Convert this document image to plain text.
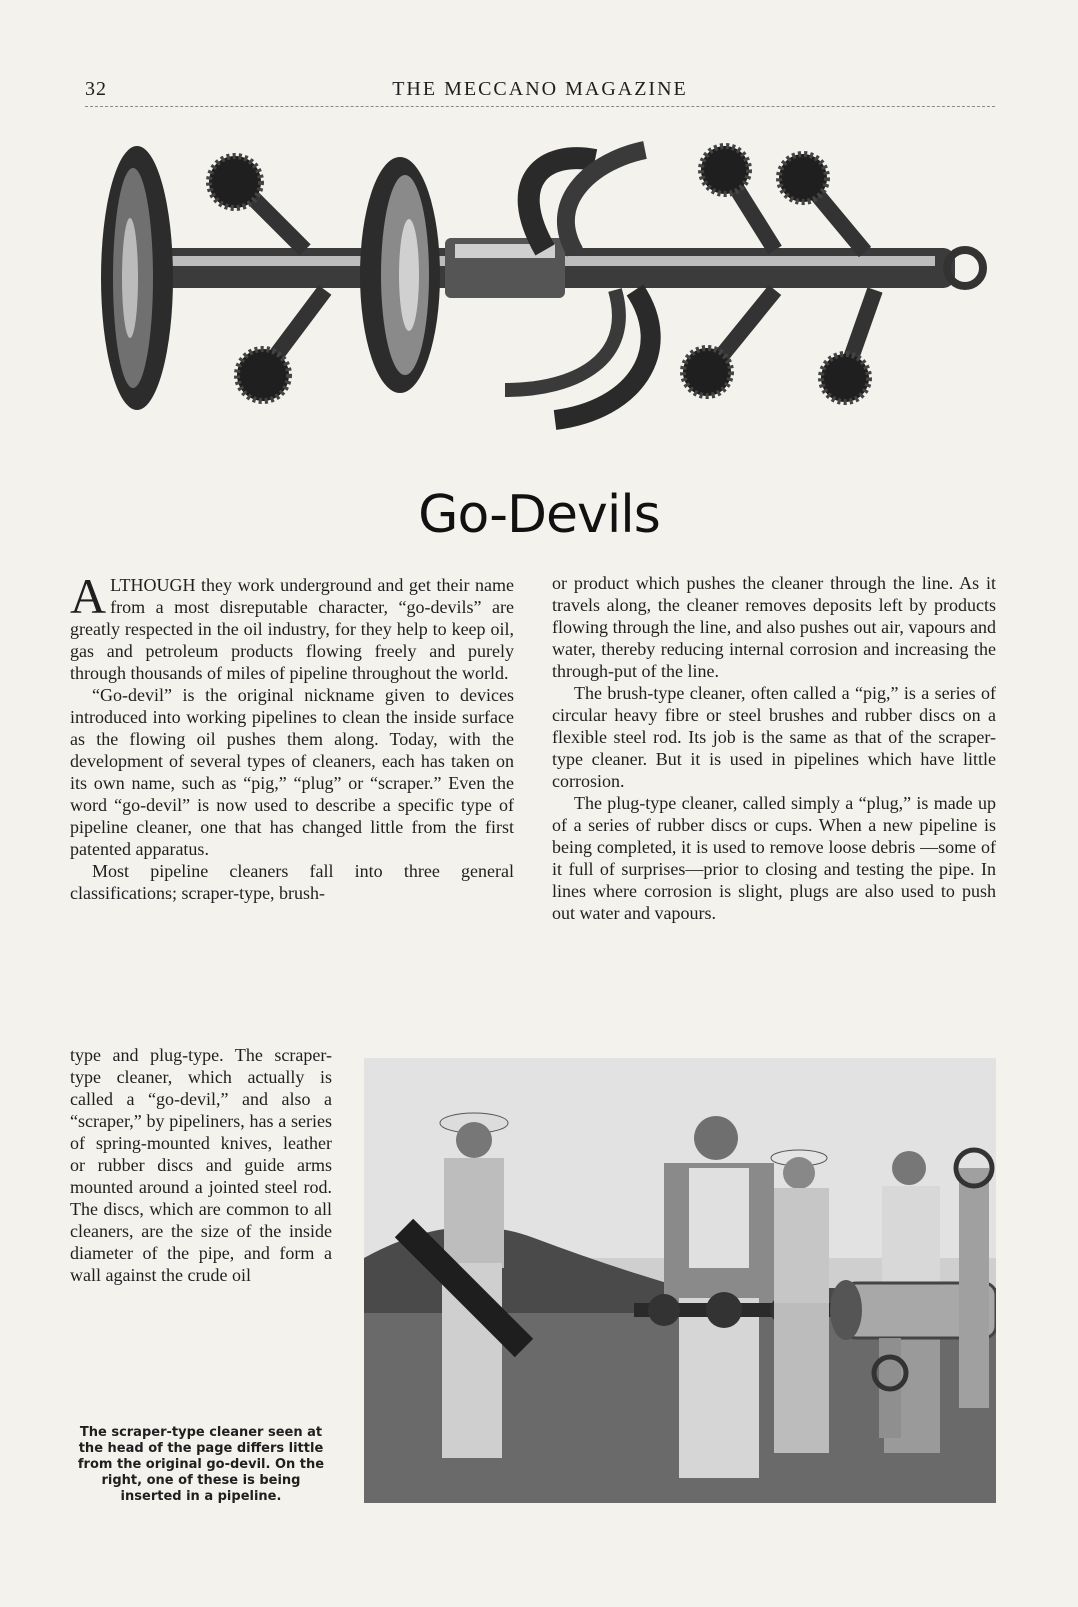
32	THE MECCANO MAGAZINE
Go-Devils

ALTHOUGH they work underground and get their name from a most disreputable character, “go-devils” are greatly respected in the oil industry, for they help to keep oil, gas and petroleum products flowing freely and purely through thousands of miles of pipeline throughout the world.

“Go-devil” is the original nickname given to devices introduced into working pipelines to clean the inside surface as the flowing oil pushes them along. Today, with the development of several types of cleaners, each has taken on its own name, such as “pig,” “plug” or “scraper.” Even the word “go-devil” is now used to describe a specific type of pipeline cleaner, one that has changed little from the first patented apparatus.

Most pipeline cleaners fall into three general classifications; scraper-type, brush-

type and plug-type. The scraper-type cleaner, which actually is called a “go-devil,” and also a “scraper,” by pipeliners, has a series of spring-mounted knives, leather or rubber discs and guide arms mounted around a jointed steel rod. The discs, which are common to all cleaners, are the size of the inside diameter of the pipe, and form a wall against the crude oil

or product which pushes the cleaner through the line. As it travels along, the cleaner removes deposits left by products flowing through the line, and also pushes out air, vapours and water, thereby reducing internal corrosion and increasing the through-put of the line.

The brush-type cleaner, often called a “pig,” is a series of circular heavy fibre or steel brushes and rubber discs on a flexible steel rod. Its job is the same as that of the scraper-type cleaner. But it is used in pipelines which have little corrosion.

The plug-type cleaner, called simply a “plug,” is made up of a series of rubber discs or cups. When a new pipeline is being completed, it is used to remove loose debris —some of it full of surprises—prior to closing and testing the pipe. In lines where corrosion is slight, plugs are also used to push out water and vapours.

The scraper-type cleaner seen at the head of the page differs little from the original go-devil. On the right, one of these is being inserted in a pipeline.
